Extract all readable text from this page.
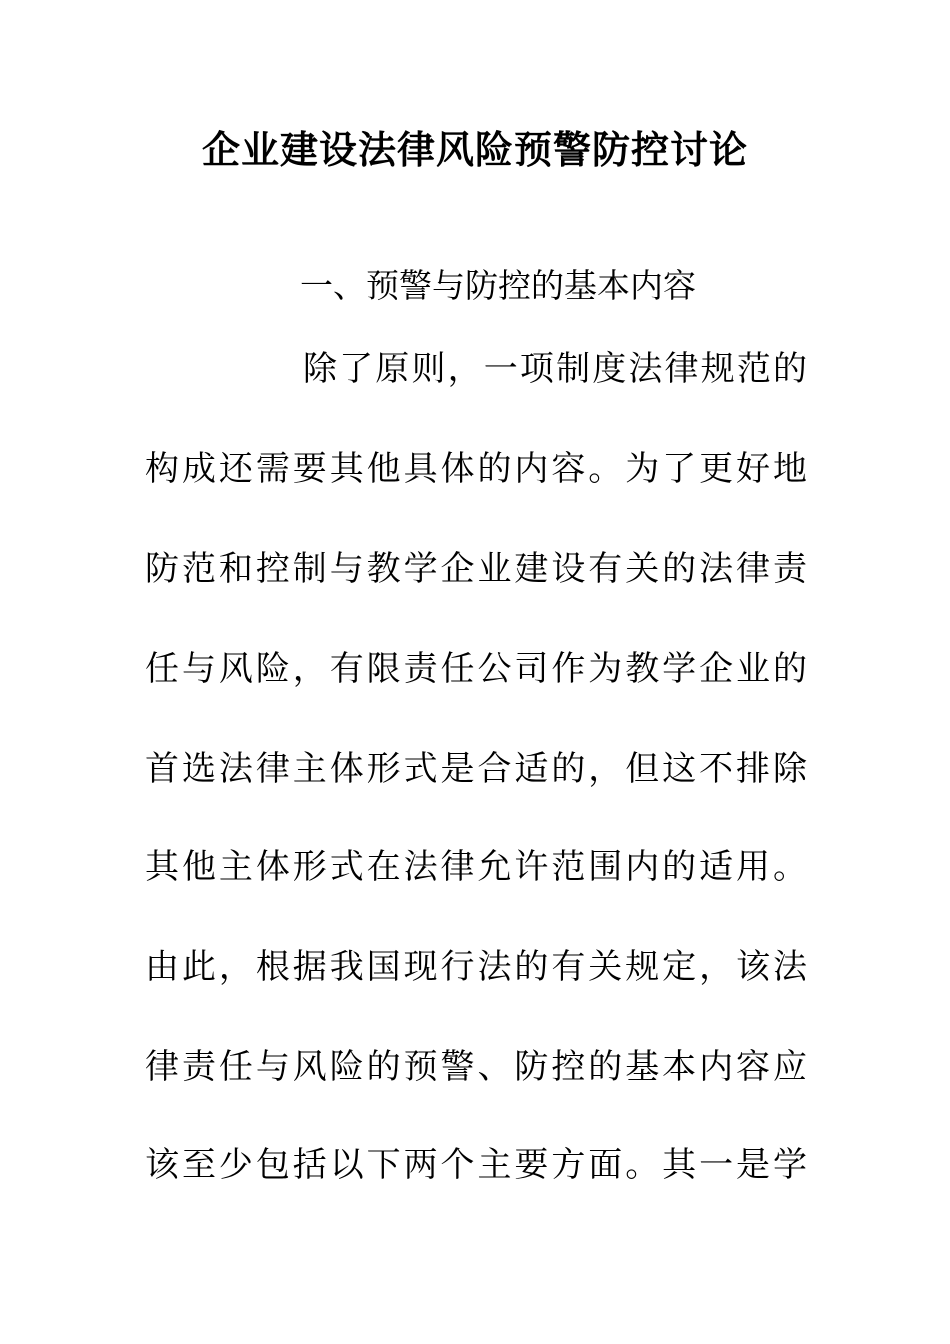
企业建设法律风险预警防控讨论

一、预警与防控的基本内容

除了原则，一项制度法律规范的

构成还需要其他具体的内容。为了更好地

防范和控制与教学企业建设有关的法律责

任与风险，有限责任公司作为教学企业的

首选法律主体形式是合适的，但这不排除

其他主体形式在法律允许范围内的适用。

由此，根据我国现行法的有关规定，该法

律责任与风险的预警、防控的基本内容应

该至少包括以下两个主要方面。其一是学
